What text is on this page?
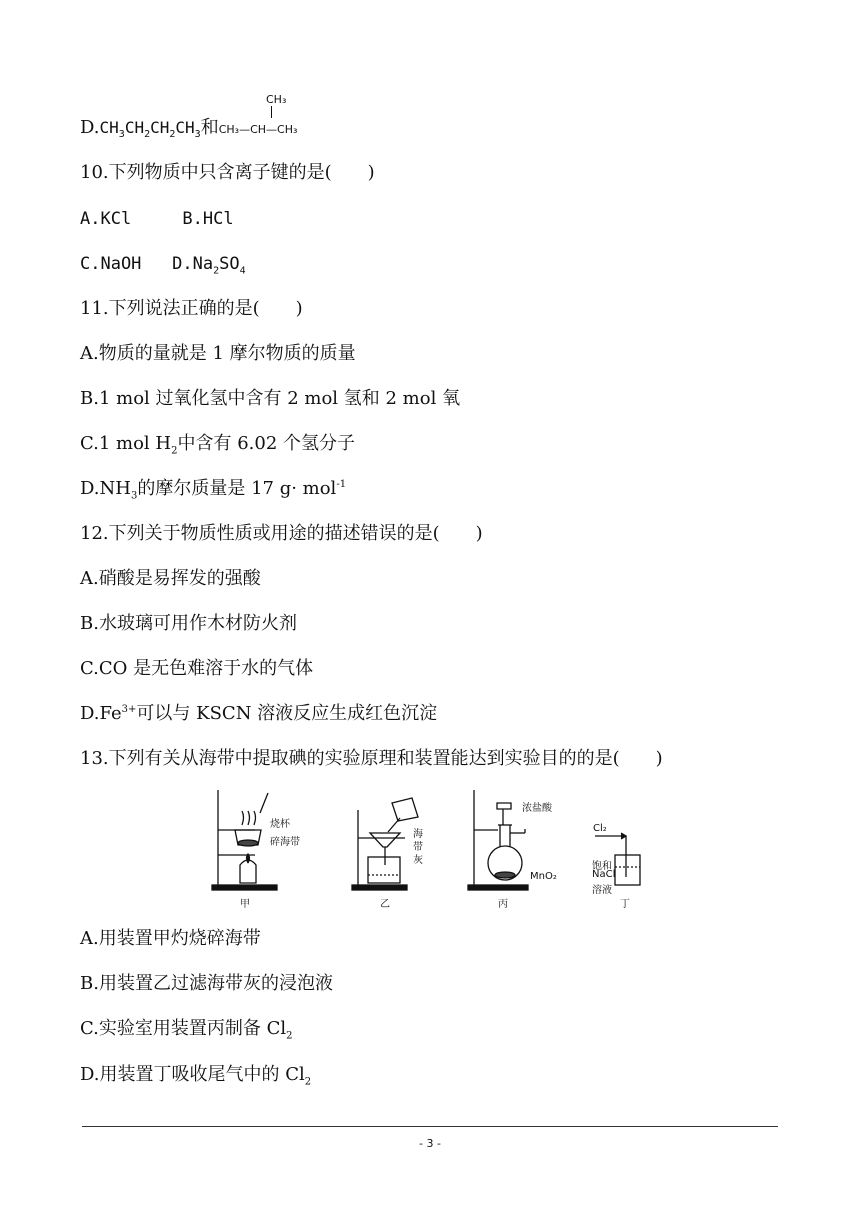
CH₃
$D.CH_3CH_2CH_2CH_3$和CH₃—CH—CH₃
10.下列物质中只含离子键的是(　　)
A.KCl	B.HCl
C.NaOH $D.Na_2SO_4$
11.下列说法正确的是(　　)
A.物质的量就是 1 摩尔物质的质量
B.1 mol 过氧化氢中含有 2 mol 氢和 2 mol 氧
C.1 mol $H_2$中含有 6.02 个氢分子
$D.NH_3$的摩尔质量是 17 g· mol$^{-1}$
12.下列关于物质性质或用途的描述错误的是(　　)
A.硝酸是易挥发的强酸
B.水玻璃可用作木材防火剂
C.CO 是无色难溶于水的气体
$D.Fe^{3+}$可以与 KSCN 溶液反应生成红色沉淀
13.下列有关从海带中提取碘的实验原理和装置能达到实验目的的是(　　)
烧杯
碎海带
海
带
灰
浓盐酸
MnO₂
Cl₂
饱和
NaCl
溶液
甲	乙	丙	丁
A.用装置甲灼烧碎海带
B.用装置乙过滤海带灰的浸泡液
C.实验室用装置丙制备 $Cl_2$
D.用装置丁吸收尾气中的 $Cl_2$
- 3 -
